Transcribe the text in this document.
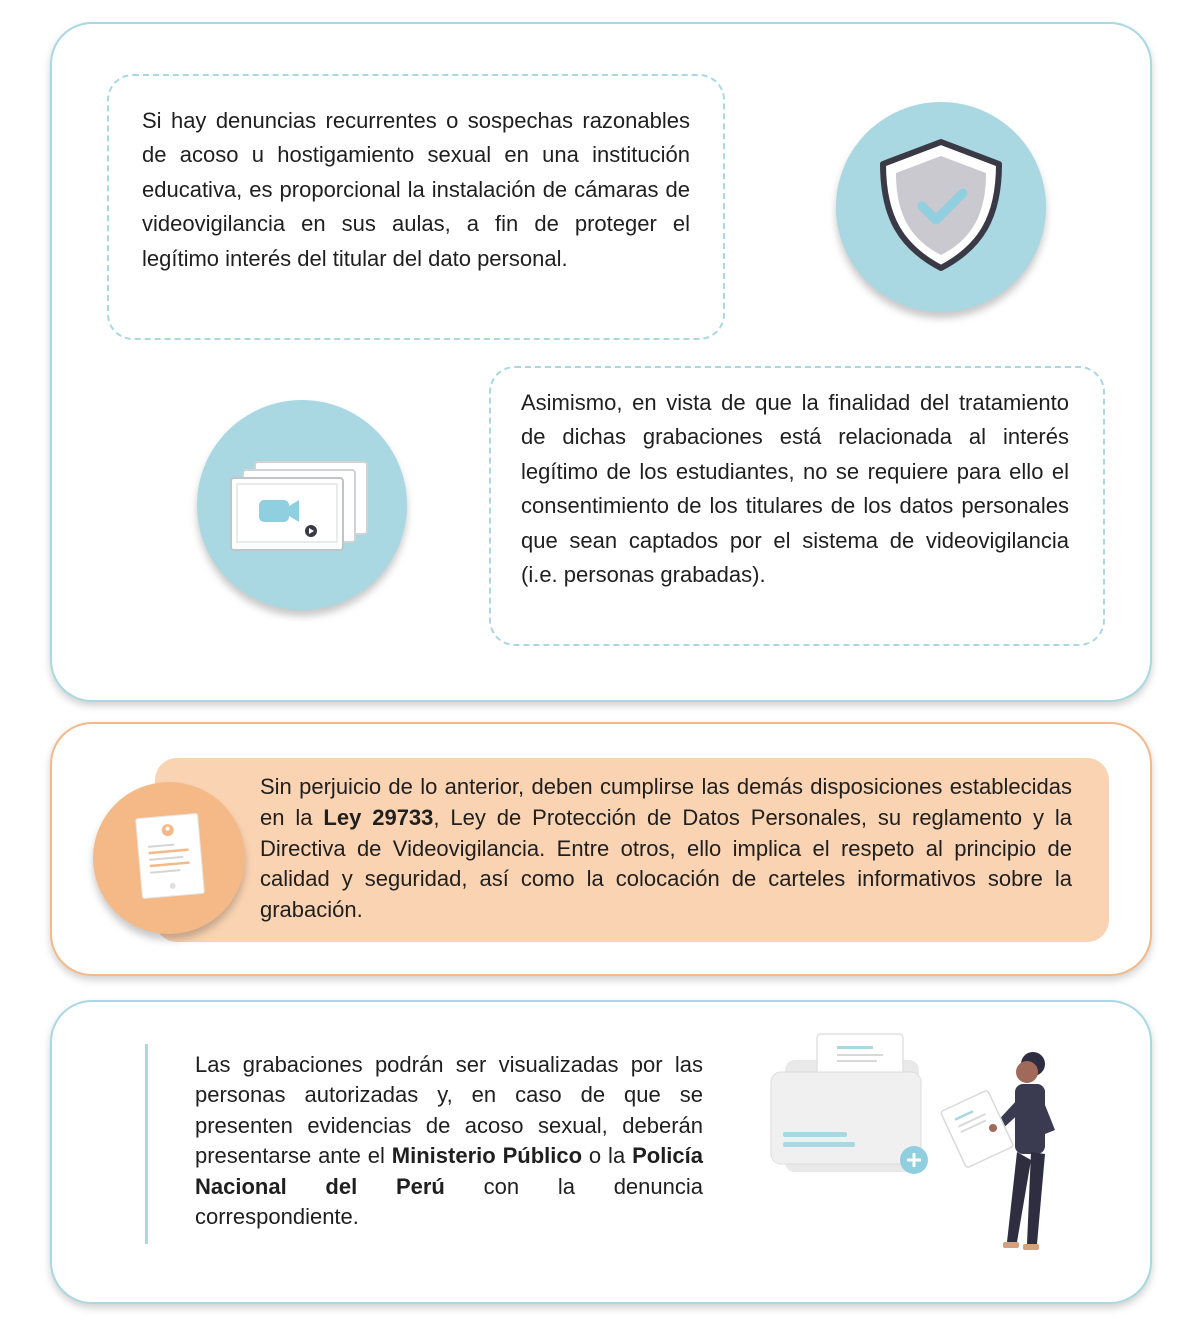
Si hay denuncias recurrentes o sospechas razonables de acoso u hostigamiento sexual en una institución educativa, es proporcional la instalación de cámaras de videovigilancia en sus aulas, a fin de proteger el legítimo interés del titular del dato personal.

Asimismo, en vista de que la finalidad del tratamiento de dichas grabaciones está relacionada al interés legítimo de los estudiantes, no se requiere para ello el consentimiento de los titulares de los datos personales que sean captados por el sistema de videovigilancia (i.e. personas grabadas).

Sin perjuicio de lo anterior, deben cumplirse las demás disposiciones establecidas en la Ley 29733, Ley de Protección de Datos Personales, su reglamento y la Directiva de Videovigilancia. Entre otros, ello implica el respeto al principio de calidad y seguridad, así como la colocación de carteles informativos sobre la grabación.

Las grabaciones podrán ser visualizadas por las personas autorizadas y, en caso de que se presenten evidencias de acoso sexual, deberán presentarse ante el Ministerio Público o la Policía Nacional del Perú con la denuncia correspondiente.
